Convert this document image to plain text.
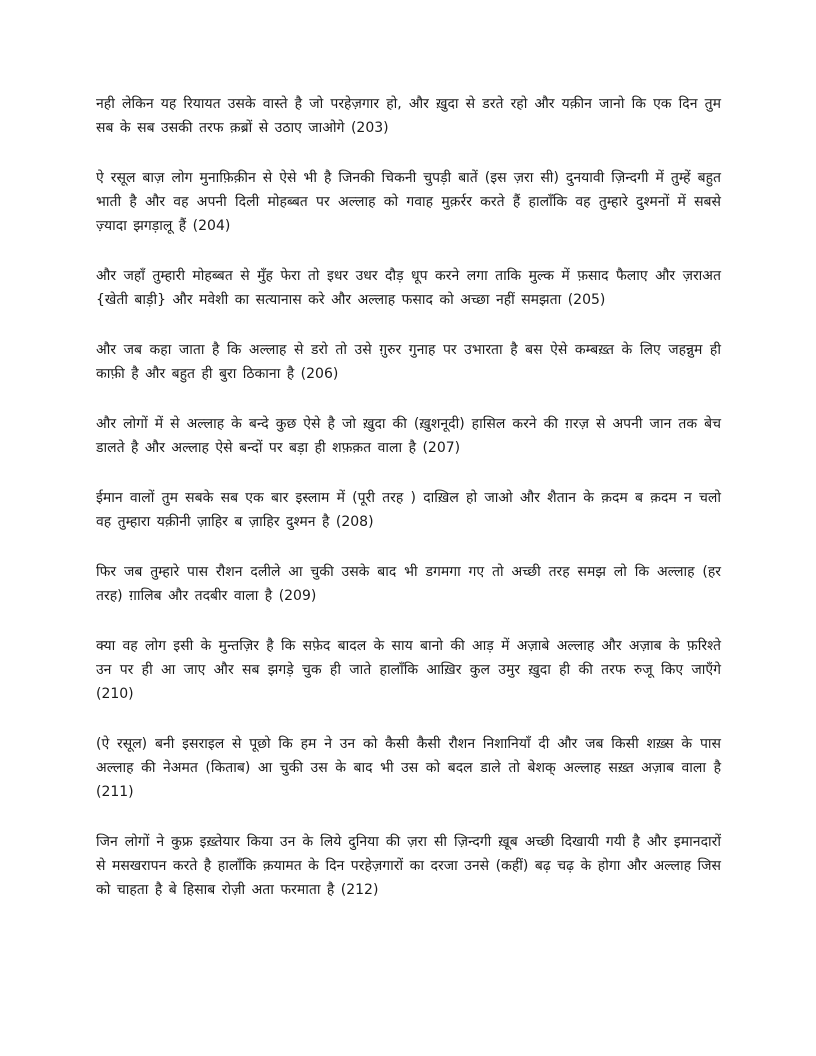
नही लेकिन यह रियायत उसके वास्ते है जो परहेज़गार हो, और ख़ुदा से डरते रहो और यक़ीन जानो कि एक दिन तुम सब के सब उसकी तरफ क़ब्रों से उठाए जाओगे (203)

ऐ रसूल बाज़ लोग मुनाफ़िक़ीन से ऐसे भी है जिनकी चिकनी चुपड़ी बातें (इस ज़रा सी) दुनयावी ज़िन्दगी में तुम्हें बहुत भाती है और वह अपनी दिली मोहब्बत पर अल्लाह को गवाह मुक़र्रर करते हैं हालाँकि वह तुम्हारे दुश्मनों में सबसे ज़्यादा झगड़ालू हैं (204)

और जहाँ तुम्हारी मोहब्बत से मुँह फेरा तो इधर उधर दौड़ धूप करने लगा ताकि मुल्क में फ़साद फैलाए और ज़राअत {खेती बाड़ी} और मवेशी का सत्यानास करे और अल्लाह फसाद को अच्छा नहीं समझता (205)

और जब कहा जाता है कि अल्लाह से डरो तो उसे ग़ुरुर गुनाह पर उभारता है बस ऐसे कम्बख़्त के लिए जहन्नुम ही काफ़ी है और बहुत ही बुरा ठिकाना है (206)

और लोगों में से अल्लाह के बन्दे कुछ ऐसे है जो ख़ुदा की (ख़ुशनूदी) हासिल करने की ग़रज़ से अपनी जान तक बेच डालते है और अल्लाह ऐसे बन्दों पर बड़ा ही शफ़क़त वाला है (207)

ईमान वालों तुम सबके सब एक बार इस्लाम में (पूरी तरह ) दाख़िल हो जाओ और शैतान के क़दम ब क़दम न चलो वह तुम्हारा यक़ीनी ज़ाहिर ब ज़ाहिर दुश्मन है (208)

फिर जब तुम्हारे पास रौशन दलीले आ चुकी उसके बाद भी डगमगा गए तो अच्छी तरह समझ लो कि अल्लाह (हर तरह) ग़ालिब और तदबीर वाला है (209)

क्या वह लोग इसी के मुन्तज़िर है कि सफ़ेद बादल के साय बानो की आड़ में अज़ाबे अल्लाह और अज़ाब के फ़रिश्ते उन पर ही आ जाए और सब झगड़े चुक ही जाते हालाँकि आख़िर कुल उमुर ख़ुदा ही की तरफ रुजू किए जाएँगे (210)

(ऐ रसूल) बनी इसराइल से पूछो कि हम ने उन को कैसी कैसी रौशन निशानियाँ दी और जब किसी शख़्स के पास अल्लाह की नेअमत (किताब) आ चुकी उस के बाद भी उस को बदल डाले तो बेशक् अल्लाह सख़्त अज़ाब वाला है (211)

जिन लोगों ने कुफ्र इख़्तेयार किया उन के लिये दुनिया की ज़रा सी ज़िन्दगी ख़ूब अच्छी दिखायी गयी है और इमानदारों से मसखरापन करते है हालाँकि क़यामत के दिन परहेज़गारों का दरजा उनसे (कहीं) बढ़ चढ़ के होगा और अल्लाह जिस को चाहता है बे हिसाब रोज़ी अता फरमाता है (212)
